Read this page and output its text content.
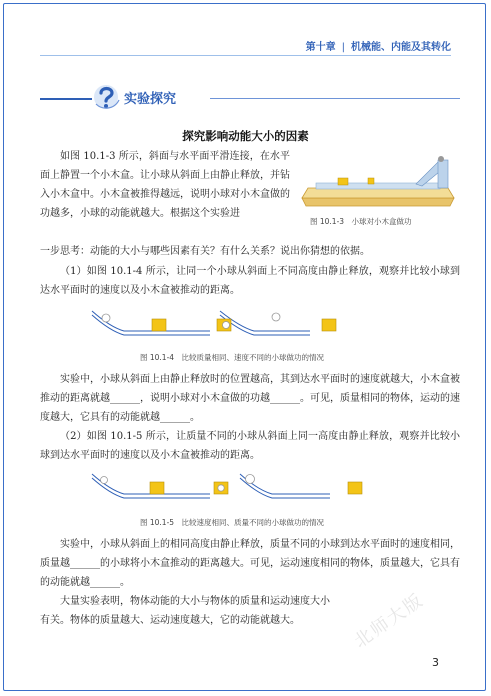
第十章 | 机械能、内能及其转化
实验探究
探究影响动能大小的因素
如图 10.1-3 所示，斜面与水平面平滑连接，在水平面上静置一个小木盒。让小球从斜面上由静止释放，并钻入小木盒中。小木盒被推得越远，说明小球对小木盒做的功越多，小球的动能就越大。根据这个实验进
一步思考：动能的大小与哪些因素有关？有什么关系？说出你猜想的依据。
图 10.1-3　小球对小木盒做功
（1）如图 10.1-4 所示，让同一个小球从斜面上不同高度由静止释放，观察并比较小球到达水平面时的速度以及小木盒被推动的距离。
图 10.1-4　比较质量相同、速度不同的小球做功的情况
实验中，小球从斜面上由静止释放时的位置越高，其到达水平面时的速度就越大，小木盒被推动的距离就越______，说明小球对小木盒做的功越______。可见，质量相同的物体，运动的速度越大，它具有的动能就越______。
（2）如图 10.1-5 所示，让质量不同的小球从斜面上同一高度由静止释放，观察并比较小球到达水平面时的速度以及小木盒被推动的距离。
图 10.1-5　比较速度相同、质量不同的小球做功的情况
实验中，小球从斜面上的相同高度由静止释放，质量不同的小球到达水平面时的速度相同，质量越______的小球将小木盒推动的距离越大。可见，运动速度相同的物体，质量越大，它具有的动能就越______。
大量实验表明，物体动能的大小与物体的质量和运动速度大小有关。物体的质量越大、运动速度越大，它的动能就越大。	北师大版
3
